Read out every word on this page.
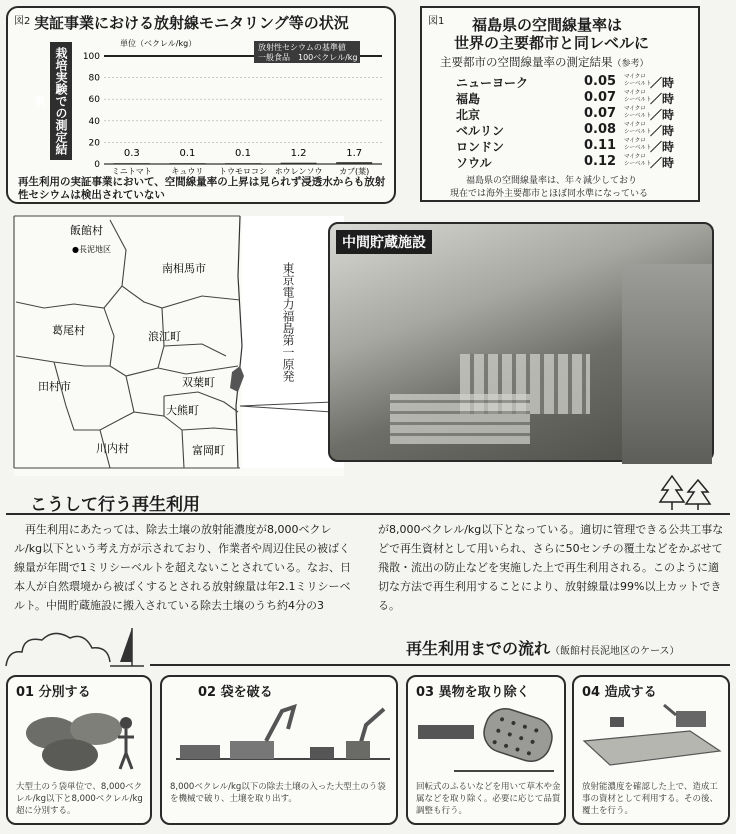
図2 実証事業における放射線モニタリング等の状況
栽培実験での測定結果
100
80
60
40
20
0
0.3
ミニトマト
0.1
キュウリ
0.1
トウモロコシ
1.2
ホウレンソウ
1.7
カブ(葉)
単位（ベクレル/kg）	放射性セシウムの基準値
一般食品　100ベクレル/kg
再生利用の実証事業において、空間線量率の上昇は見られず浸透水からも放射性セシウムは検出されていない
図1 福島県の空間線量率は
世界の主要都市と同レベルに
主要都市の空間線量率の測定結果（参考）
ニューヨーク	0.05 マイクロ
シーベルト
／時
福島	0.07 マイクロ
シーベルト
／時
北京	0.07 マイクロ
シーベルト
／時
ベルリン	0.08 マイクロ
シーベルト
／時
ロンドン	0.11 マイクロ
シーベルト
／時
ソウル	0.12 マイクロ
シーベルト
／時
福島県の空間線量率は、年々減少しており
現在では海外主要都市とほぼ同水準になっている
飯館村
●長泥地区
南相馬市
葛尾村	浪江町
田村市	双葉町
大熊町
川内村	富岡町
東京電力福島第一原発
中間貯蔵施設
こうして行う再生利用
再生利用にあたっては、除去土壌の放射能濃度が8,000ベクレル/kg以下という考え方が示されており、作業者や周辺住民の被ばく線量が年間で1ミリシーベルトを超えないことされている。なお、日本人が自然環境から被ばくするとされる放射線量は年2.1ミリシーベルト。中間貯蔵施設に搬入されている除去土壌のうち約4分の3
が8,000ベクレル/kg以下となっている。適切に管理できる公共工事などで再生資材として用いられ、さらに50センチの覆土などをかぶせて飛散・流出の防止などを実施した上で再生利用される。このように適切な方法で再生利用することにより、放射線量は99%以上カットできる。
再生利用までの流れ（飯館村長泥地区のケース）
01 分別する
大型土のう袋単位で、8,000ベクレル/kg以下と8,000ベクレル/kg超に分別する。
02 袋を破る
8,000ベクレル/kg以下の除去土壌の入った大型土のう袋を機械で破り、土壌を取り出す。
03 異物を取り除く
回転式のふるいなどを用いて草木や金属などを取り除く。必要に応じて品質調整も行う。
04 造成する
放射能濃度を確認した上で、造成工事の資材として利用する。その後、覆土を行う。
